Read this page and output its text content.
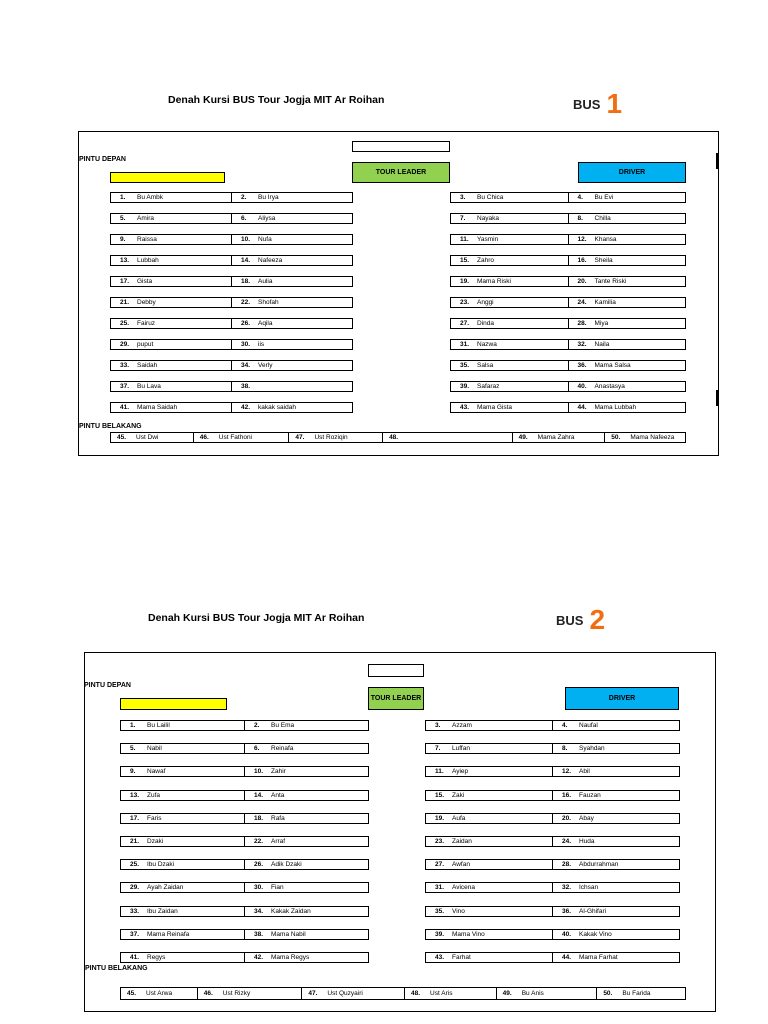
Denah Kursi BUS Tour Jogja MIT Ar Roihan	BUS 1
PINTU DEPAN
TOUR LEADER	DRIVER
1.	Bu Ambk	2.	Bu Irya	3.	Bu Chica	4.	Bu Evi
5.	Amira	6.	Aliysa	7.	Nayaka	8.	Chilla
9.	Raissa	10.	Nufa	11.	Yasmin	12.	Khansa
13.	Lubbah	14.	Nafeeza	15.	Zahro	16.	Sheila
17.	Gista	18.	Aulia	19.	Mama Riski	20.	Tante Riski
21.	Debby	22.	Shofah	23.	Anggi	24.	Kamilia
25.	Fairuz	26.	Aqila	27.	Dinda	28.	Miya
29.	puput	30.	iis	31.	Nazwa	32.	Naila
33.	Saidah	34.	Verly	35.	Salsa	36.	Mama Salsa
37.	Bu Lava	38.	39.	Safaraz	40.	Anastasya
41.	Mama Saidah	42.	kakak saidah	43.	Mama Gista	44.	Mama Lubbah
PINTU BELAKANG
45.	Ust Dwi	46.	Ust Fathoni	47.	Ust Roziqin	48.	49.	Mama Zahra	50.	Mama Nafeeza
Denah Kursi BUS Tour Jogja MIT Ar Roihan	BUS 2
PINTU DEPAN
TOUR LEADER	DRIVER
1.	Bu Lailil	2.	Bu Ema	3.	Azzam	4.	Naufal
5.	Nabil	6.	Reinafa	7.	Luffan	8.	Syahdan
9.	Nawaf	10.	Zahir	11.	Ayiep	12.	Abil
13.	Zufa	14.	Anta	15.	Zaki	16.	Fauzan
17.	Faris	18.	Rafa	19.	Aufa	20.	Abay
21.	Dzaki	22.	Arraf	23.	Zaidan	24.	Huda
25.	Ibu Dzaki	26.	Adik Dzaki	27.	Awfan	28.	Abdurrahman
29.	Ayah Zaidan	30.	Fian	31.	Avicena	32.	Ichsan
33.	Ibu Zaidan	34.	Kakak Zaidan	35.	Vino	36.	Al-Ghifari
37.	Mama Reinafa	38.	Mama Nabil	39.	Mama Vino	40.	Kakak Vino
41.	Regys	42.	Mama Regys	43.	Farhat	44.	Mama Farhat
PINTU BELAKANG
45.	Ust Arwa	46.	Ust Rizky	47.	Ust Quzyairi	48.	Ust Aris	49.	Bu Anis	50.	Bu Farida
